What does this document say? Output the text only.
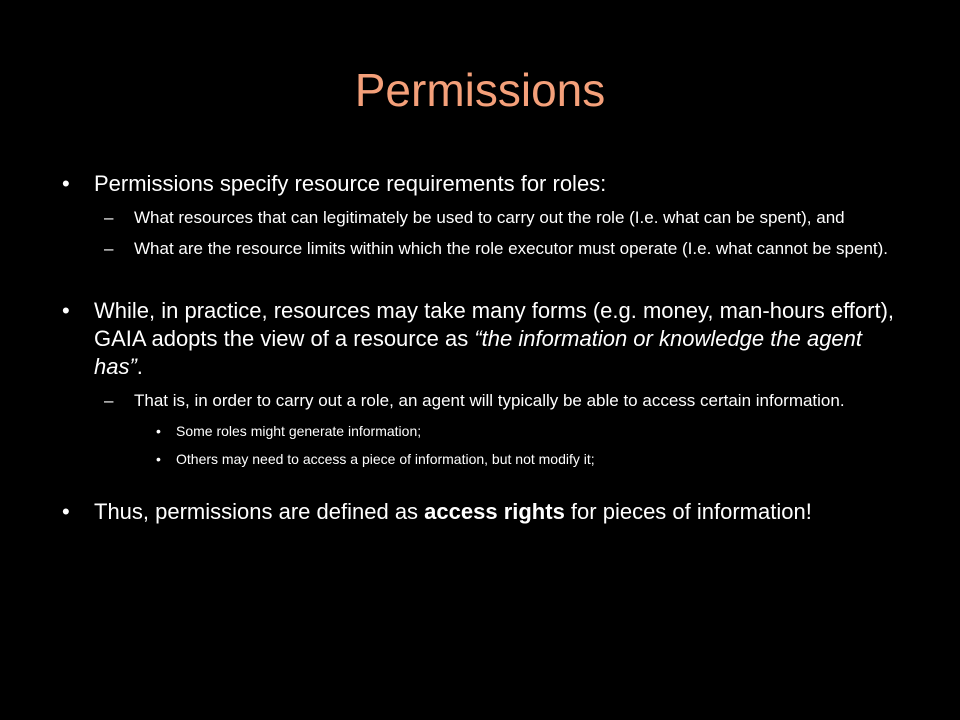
Permissions
•	Permissions specify resource requirements for roles:
–	What resources that can legitimately be used to carry out the role (I.e. what can be spent), and
–	What are the resource limits within which the role executor must operate (I.e. what cannot be spent).
•	While, in practice, resources may take many forms (e.g. money, man-hours effort), GAIA adopts the view of a resource as “the information or knowledge the agent has”.
–	That is, in order to carry out a role, an agent will typically be able to access certain information.
•	Some roles might generate information;
•	Others may need to access a piece of information, but not modify it;
•	Thus, permissions are defined as access rights for pieces of information!
